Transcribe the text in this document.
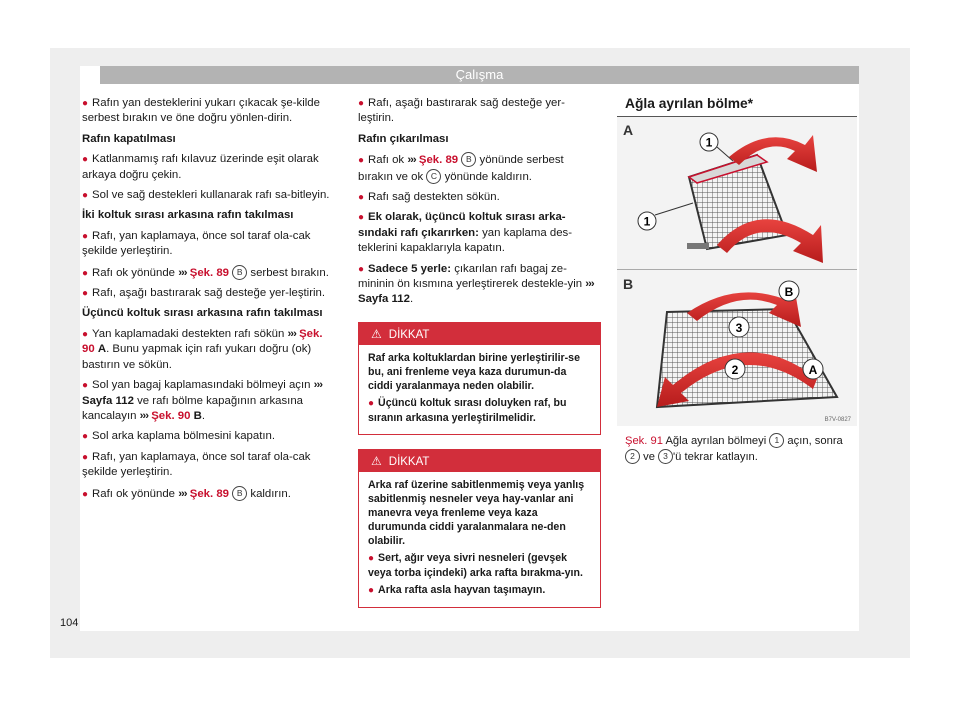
Çalışma

● Rafın yan desteklerini yukarı çıkacak şe-kilde serbest bırakın ve öne doğru yönlen-dirin.

Rafın kapatılması

● Katlanmamış rafı kılavuz üzerinde eşit olarak arkaya doğru çekin.

● Sol ve sağ destekleri kullanarak rafı sa-bitleyin.

İki koltuk sırası arkasına rafın takılması

● Rafı, yan kaplamaya, önce sol taraf ola-cak şekilde yerleştirin.

● Rafı ok yönünde ››› Şek. 89 B serbest bırakın.

● Rafı, aşağı bastırarak sağ desteğe yer-leştirin.

Üçüncü koltuk sırası arkasına rafın takılması

● Yan kaplamadaki destekten rafı sökün ››› Şek. 90 A. Bunu yapmak için rafı yukarı doğru (ok) bastırın ve sökün.

● Sol yan bagaj kaplamasındaki bölmeyi açın ››› Sayfa 112 ve rafı bölme kapağının arkasına kancalayın ››› Şek. 90 B.

● Sol arka kaplama bölmesini kapatın.

● Rafı, yan kaplamaya, önce sol taraf ola-cak şekilde yerleştirin.

● Rafı ok yönünde ››› Şek. 89 B kaldırın.

● Rafı, aşağı bastırarak sağ desteğe yer-leştirin.

Rafın çıkarılması

● Rafı ok ››› Şek. 89 B yönünde serbest bırakın ve ok C yönünde kaldırın.

● Rafı sağ destekten sökün.

● Ek olarak, üçüncü koltuk sırası arka-sındaki rafı çıkarırken: yan kaplama des-teklerini kapaklarıyla kapatın.

● Sadece 5 yerle: çıkarılan rafı bagaj ze-mininin ön kısmına yerleştirerek destekle-yin ››› Sayfa 112.

⚠ DİKKAT

Raf arka koltuklardan birine yerleştirilir-se bu, ani frenleme veya kaza durumun-da ciddi yaralanmaya neden olabilir.

● Üçüncü koltuk sırası doluyken raf, bu sıranın arkasına yerleştirilmelidir.

⚠ DİKKAT

Arka raf üzerine sabitlenmemiş veya yanlış sabitlenmiş nesneler veya hay-vanlar ani manevra veya frenleme veya kaza durumunda ciddi yaralanmalara ne-den olabilir.

● Sert, ağır veya sivri nesneleri (gevşek veya torba içindeki) arka rafta bırakma-yın.

● Arka rafta asla hayvan taşımayın.

Ağla ayrılan bölme*

A
1
1
B	B
3
2	A
B7V-0827
Şek. 91 Ağla ayrılan bölmeyi 1 açın, sonra 2 ve 3 'ü tekrar katlayın.
104
